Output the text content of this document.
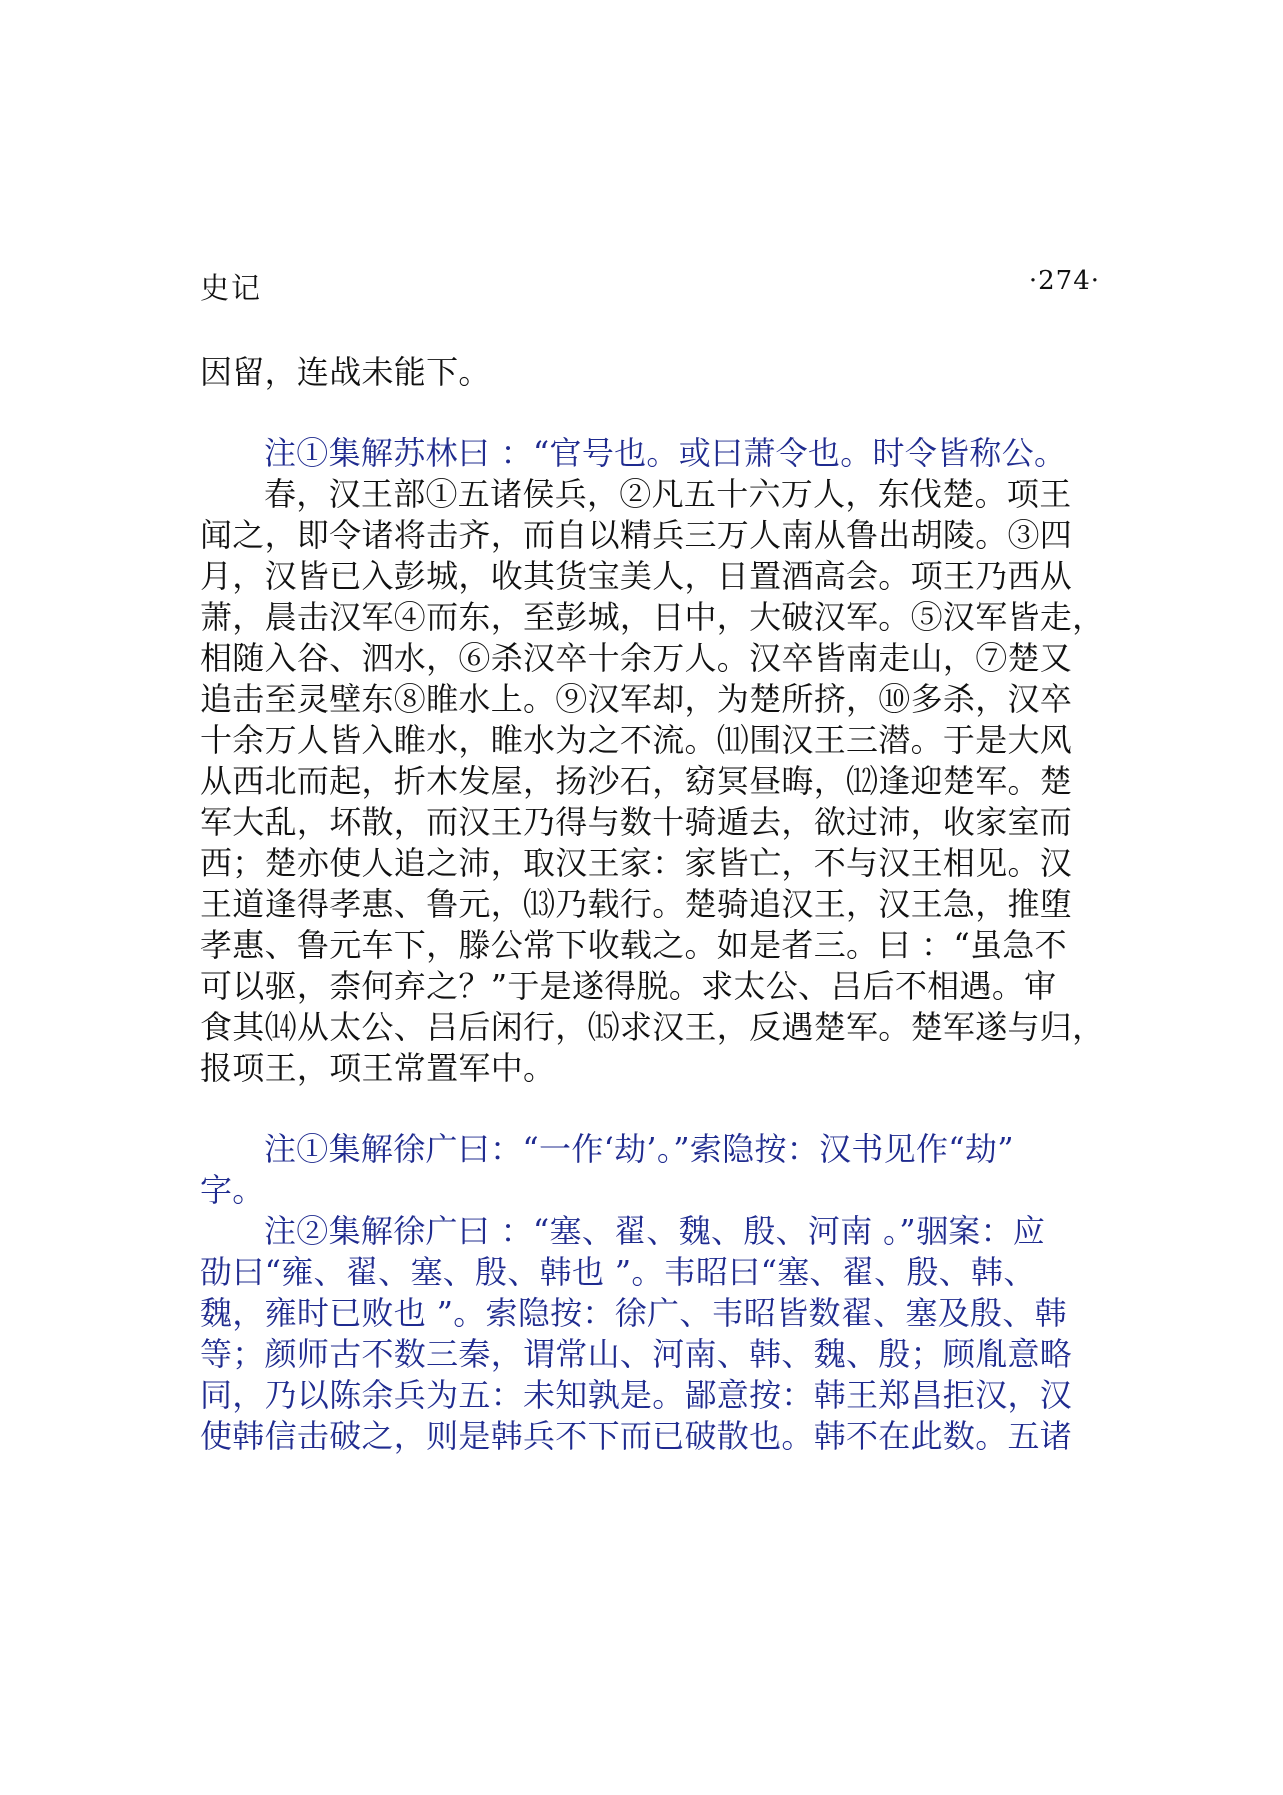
史记	·274·
因留，连战未能下。
注①集解苏林曰 ：“官号也。或曰萧令也。时令皆称公。
春，汉王部①五诸侯兵，②凡五十六万人，东伐楚。项王
闻之，即令诸将击齐，而自以精兵三万人南从鲁出胡陵。③四
月，汉皆已入彭城，收其货宝美人，日置酒高会。项王乃西从
萧，晨击汉军④而东，至彭城，日中，大破汉军。⑤汉军皆走，
相随入谷、泗水，⑥杀汉卒十余万人。汉卒皆南走山，⑦楚又
追击至灵壁东⑧睢水上。⑨汉军却，为楚所挤，⑩多杀，汉卒
十余万人皆入睢水，睢水为之不流。⑾围汉王三潜。于是大风
从西北而起，折木发屋，扬沙石，窈冥昼晦，⑿逢迎楚军。楚
军大乱，坏散，而汉王乃得与数十骑遁去，欲过沛，收家室而
西；楚亦使人追之沛，取汉王家：家皆亡，不与汉王相见。汉
王道逢得孝惠、鲁元，⒀乃载行。楚骑追汉王，汉王急，推堕
孝惠、鲁元车下，滕公常下收载之。如是者三。曰 ：“虽急不
可以驱，柰何弃之？”于是遂得脱。求太公、吕后不相遇。审
食其⒁从太公、吕后闲行，⒂求汉王，反遇楚军。楚军遂与归，
报项王，项王常置军中。
注①集解徐广曰：“一作‘劫’。”索隐按：汉书见作“劫”
字。
注②集解徐广曰 ：“塞、翟、魏、殷、河南 。”骃案：应
劭曰“雍、翟、塞、殷、韩也 ”。韦昭曰“塞、翟、殷、韩、
魏，雍时已败也 ”。索隐按：徐广、韦昭皆数翟、塞及殷、韩
等；颜师古不数三秦，谓常山、河南、韩、魏、殷；顾胤意略
同，乃以陈余兵为五：未知孰是。鄙意按：韩王郑昌拒汉，汉
使韩信击破之，则是韩兵不下而已破散也。韩不在此数。五诸
